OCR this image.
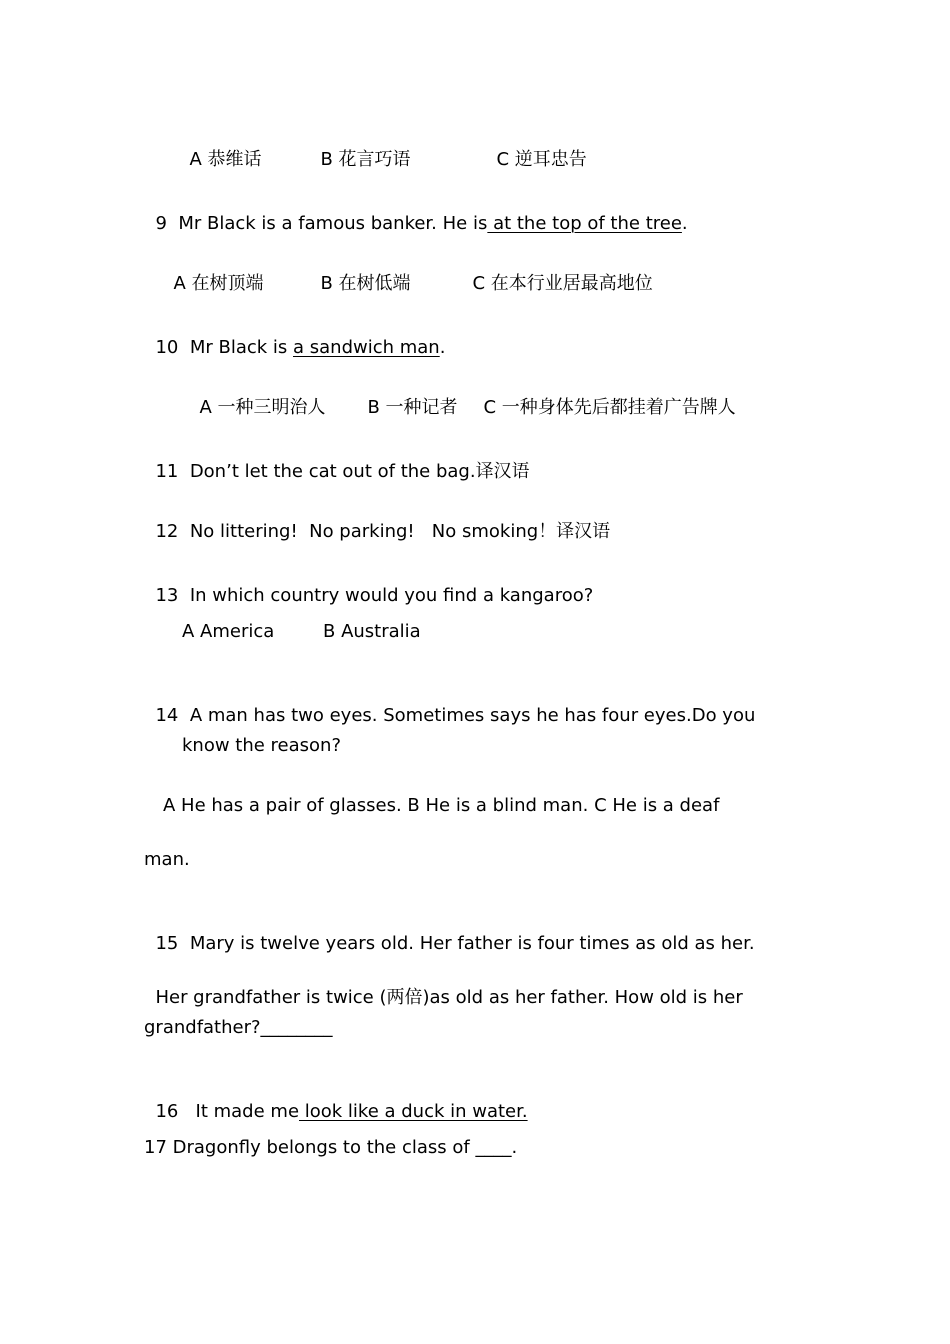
A 恭维话	B 花言巧语	C 逆耳忠告

9 Mr Black is a famous banker. He is at the top of the tree.

A 在树顶端	B 在树低端	C 在本行业居最高地位

10 Mr Black is a sandwich man.

A 一种三明治人	B 一种记者	C 一种身体先后都挂着广告牌人

11 Don’t let the cat out of the bag.译汉语

12 No littering!  No parking!   No smoking！译汉语

13 In which country would you find a kangaroo?

A America	B Australia

14 A man has two eyes. Sometimes says he has four eyes.Do you

know the reason?
A He has a pair of glasses. B He is a blind man. C He is a deaf
man.

15 Mary is twelve years old. Her father is four times as old as her.

Her grandfather is twice (两倍)as old as her father. How old is her

grandfather?________

16 It made me look like a duck in water.

17 Dragonfly belongs to the class of ____.
